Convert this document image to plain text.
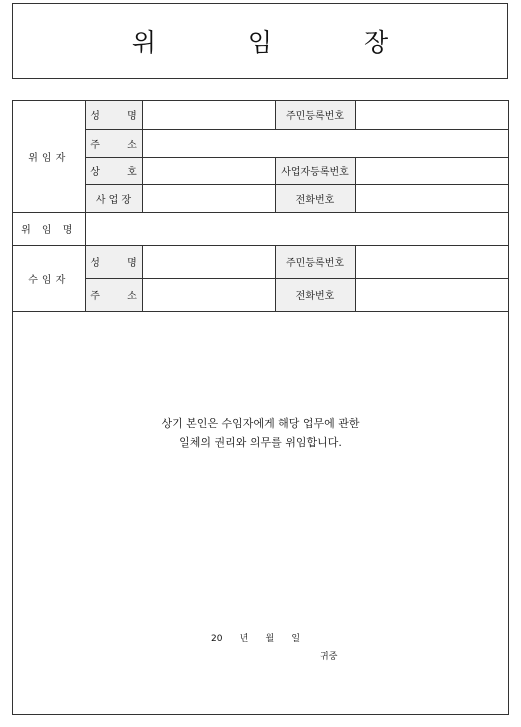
위 임 장
위임자	성 명		주민등록번호	
	주 소			
	상 호		사업자등록번호	
	사 업 장		전화번호	
위 임 명				
수임자	성 명		주민등록번호	
	주 소		전화번호	
상기 본인은 수임자에게 해당 업무에 관한
일체의 권리와 의무를 위임합니다.
20      년      월      일
귀중
